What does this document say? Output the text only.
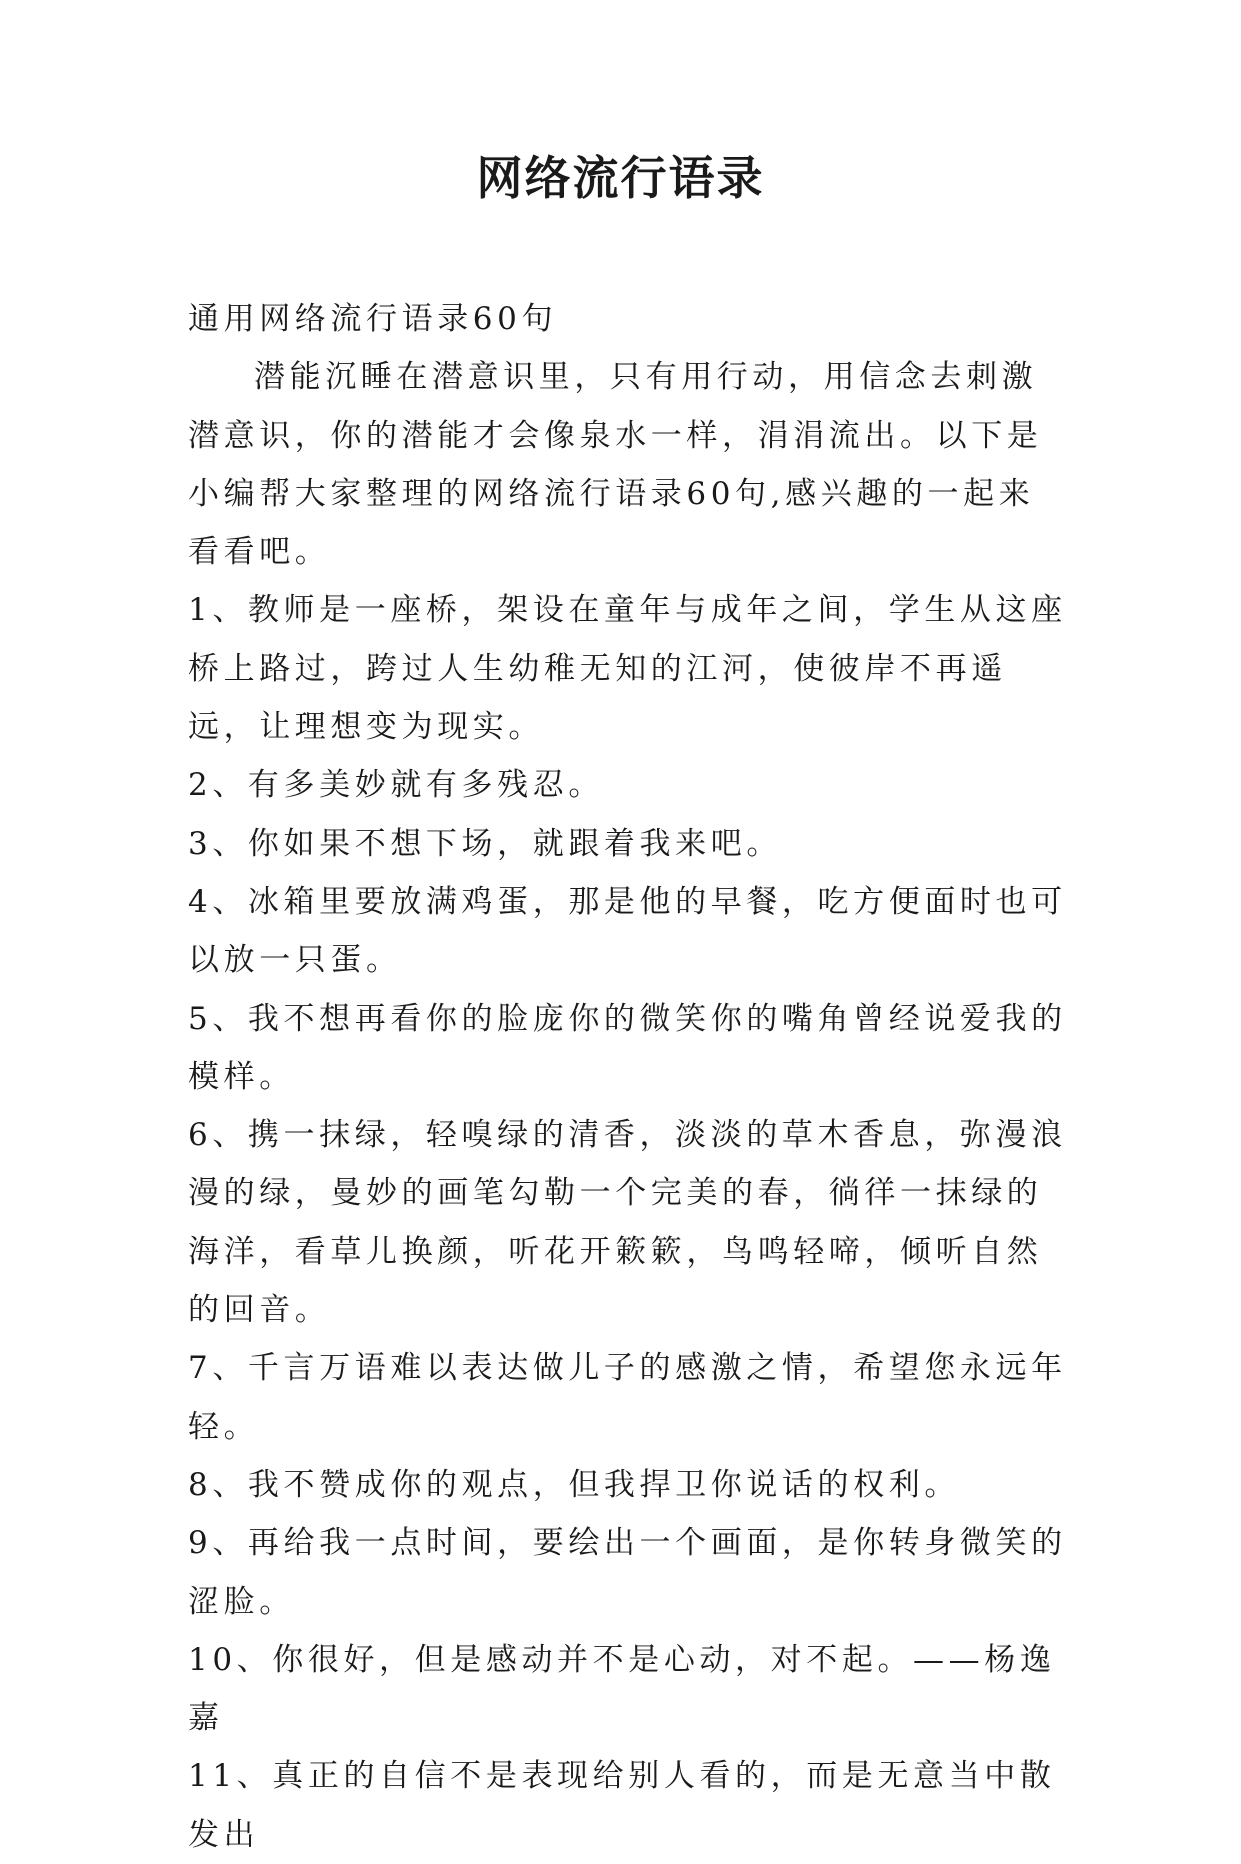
网络流行语录

通用网络流行语录60句

潜能沉睡在潜意识里，只有用行动，用信念去刺激潜意识，你的潜能才会像泉水一样，涓涓流出。以下是小编帮大家整理的网络流行语录60句,感兴趣的一起来看看吧。

1、教师是一座桥，架设在童年与成年之间，学生从这座桥上路过，跨过人生幼稚无知的江河，使彼岸不再遥远，让理想变为现实。

2、有多美妙就有多残忍。

3、你如果不想下场，就跟着我来吧。

4、冰箱里要放满鸡蛋，那是他的早餐，吃方便面时也可以放一只蛋。

5、我不想再看你的脸庞你的微笑你的嘴角曾经说爱我的模样。

6、携一抹绿，轻嗅绿的清香，淡淡的草木香息，弥漫浪漫的绿，曼妙的画笔勾勒一个完美的春，徜徉一抹绿的海洋，看草儿换颜，听花开簌簌，鸟鸣轻啼，倾听自然的回音。

7、千言万语难以表达做儿子的感激之情，希望您永远年轻。

8、我不赞成你的观点，但我捍卫你说话的权利。

9、再给我一点时间，要绘出一个画面，是你转身微笑的涩脸。

10、你很好，但是感动并不是心动，对不起。——杨逸嘉

11、真正的自信不是表现给别人看的，而是无意当中散发出
